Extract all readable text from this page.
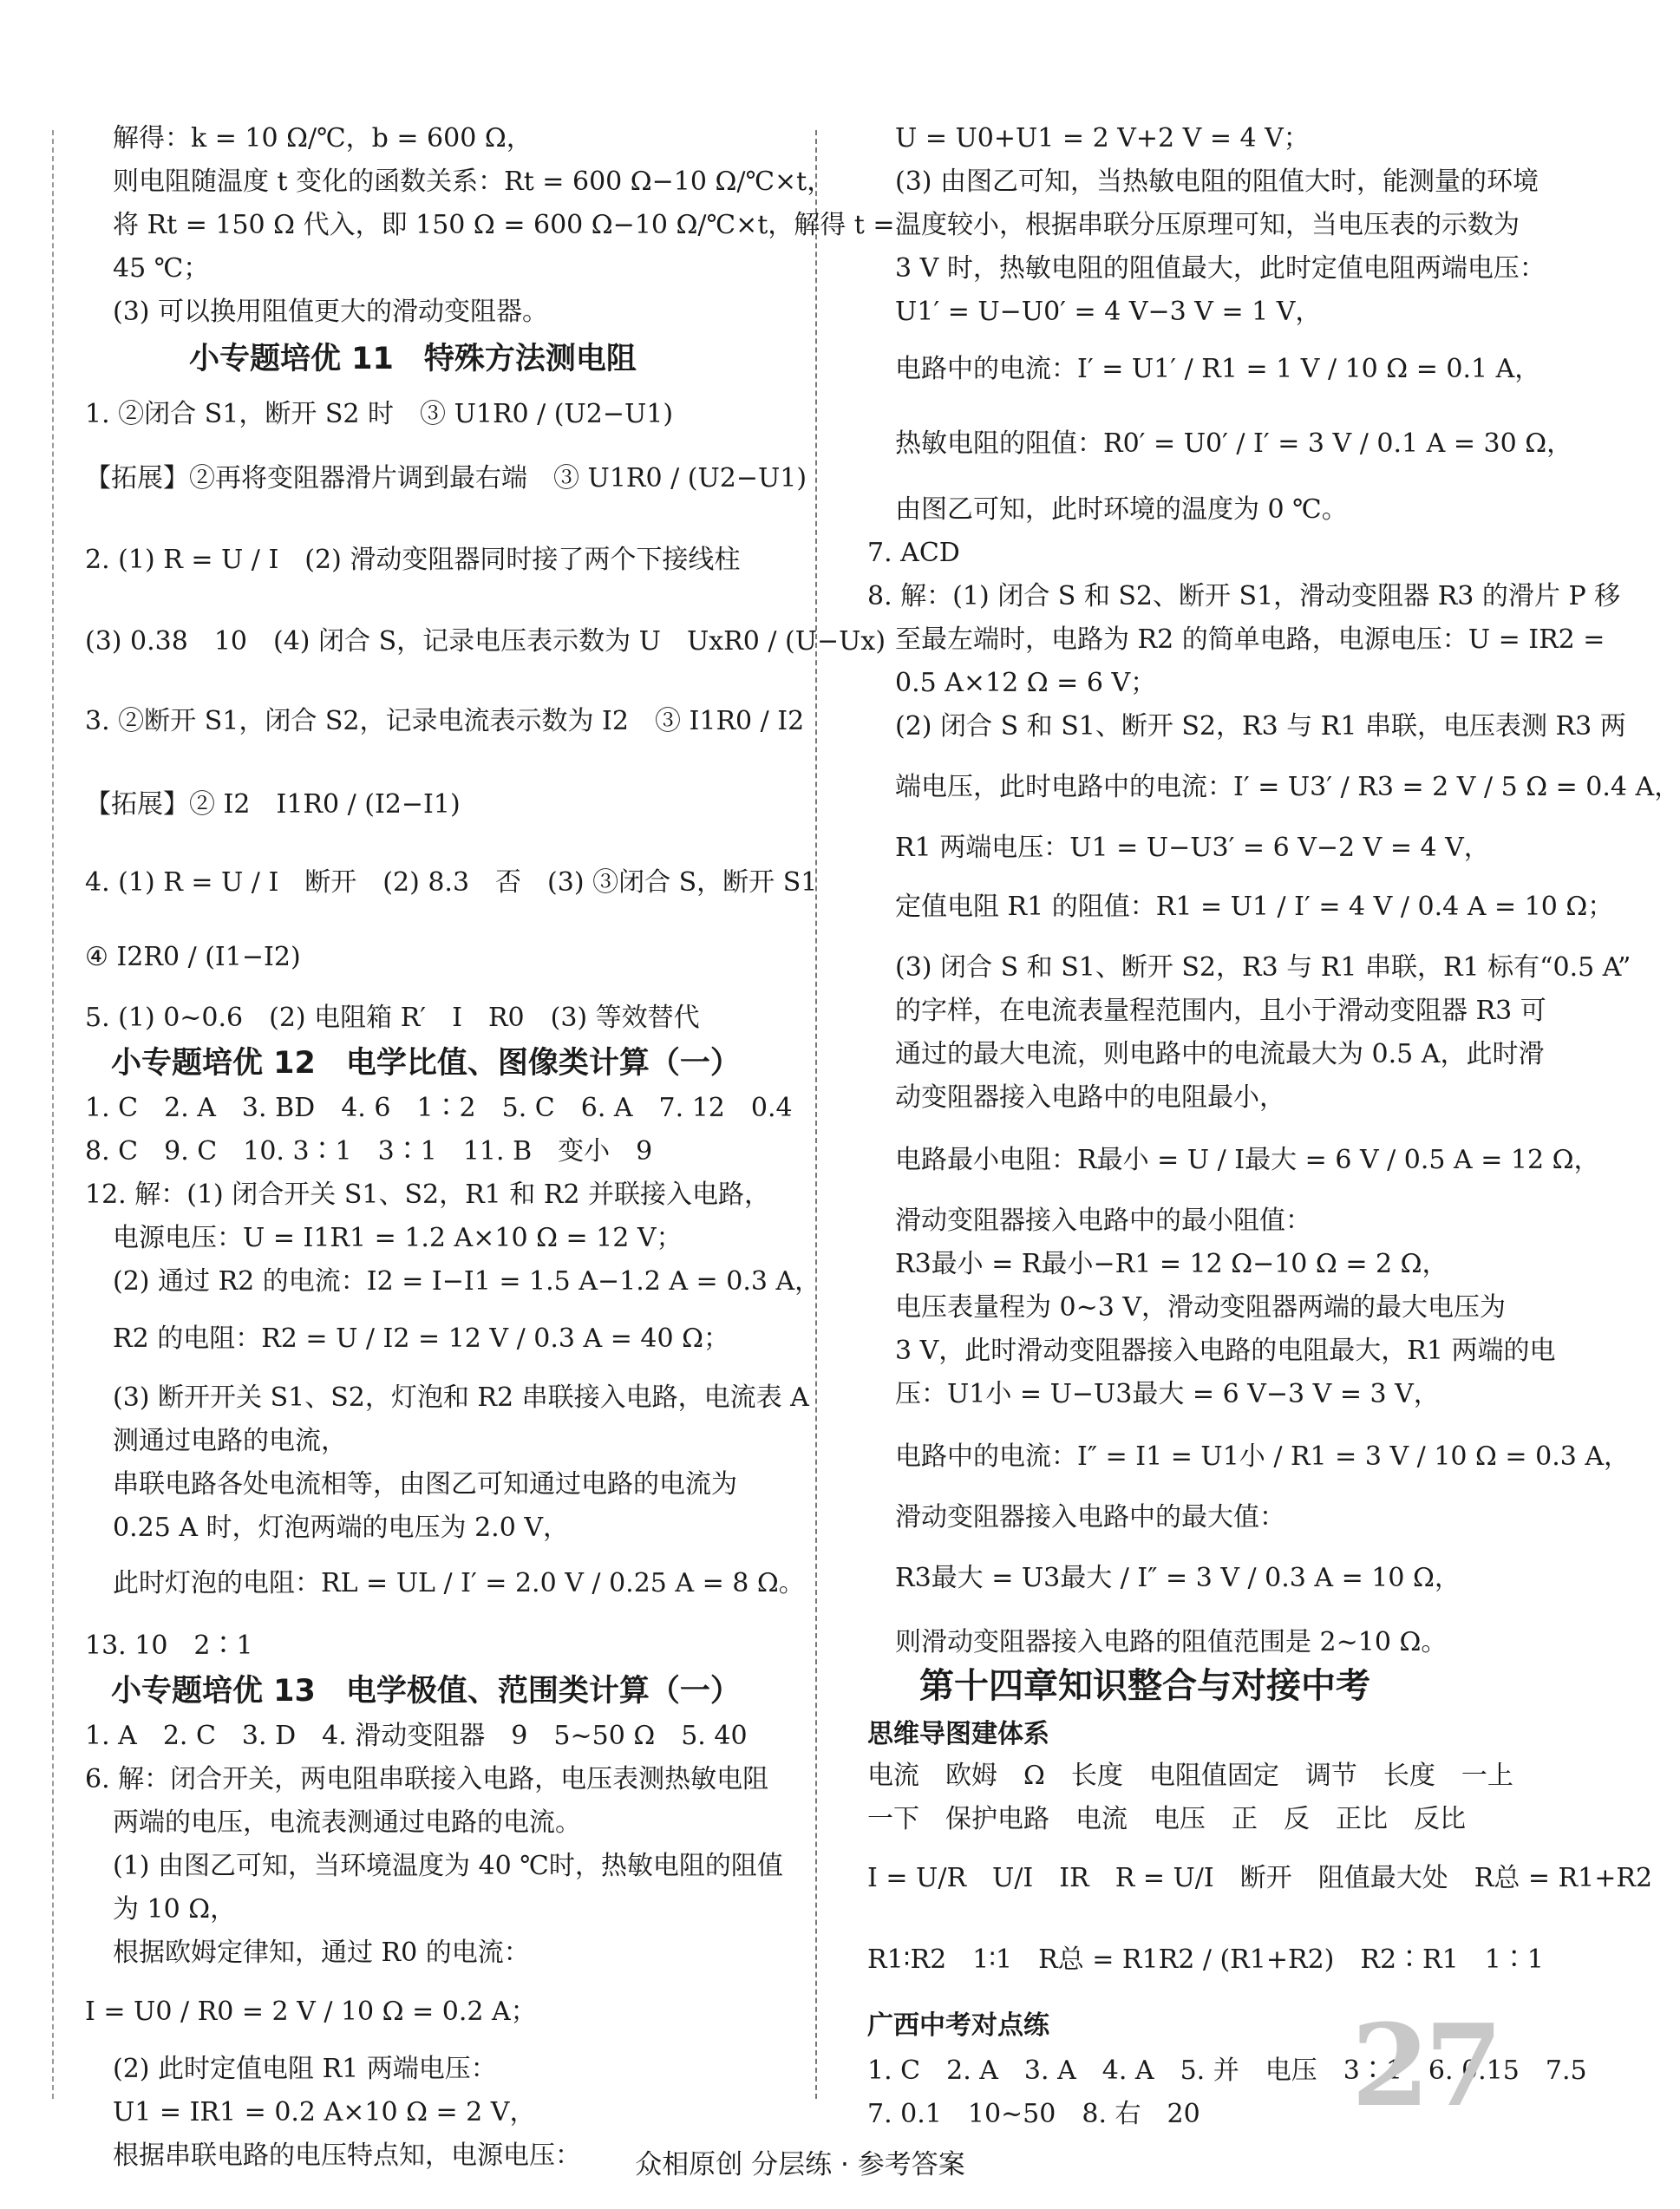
解得：k = 10 Ω/℃，b = 600 Ω，
则电阻随温度 t 变化的函数关系：Rt = 600 Ω−10 Ω/℃×t，
将 Rt = 150 Ω 代入，即 150 Ω = 600 Ω−10 Ω/℃×t，解得 t =
45 ℃；
(3) 可以换用阻值更大的滑动变阻器。
小专题培优 11　特殊方法测电阻
1. ②闭合 S1，断开 S2 时　③ U1R0 / (U2−U1)
【拓展】②再将变阻器滑片调到最右端　③ U1R0 / (U2−U1)
2. (1) R = U / I　(2) 滑动变阻器同时接了两个下接线柱
(3) 0.38　10　(4) 闭合 S，记录电压表示数为 U　UxR0 / (U−Ux)
3. ②断开 S1，闭合 S2，记录电流表示数为 I2　③ I1R0 / I2
【拓展】② I2　I1R0 / (I2−I1)
4. (1) R = U / I　断开　(2) 8.3　否　(3) ③闭合 S，断开 S1
④ I2R0 / (I1−I2)
5. (1) 0~0.6　(2) 电阻箱 R′　I　R0　(3) 等效替代
小专题培优 12　电学比值、图像类计算（一）
1. C　2. A　3. BD　4. 6　1∶2　5. C　6. A　7. 12　0.4
8. C　9. C　10. 3∶1　3∶1　11. B　变小　9
12. 解：(1) 闭合开关 S1、S2，R1 和 R2 并联接入电路，
电源电压：U = I1R1 = 1.2 A×10 Ω = 12 V；
(2) 通过 R2 的电流：I2 = I−I1 = 1.5 A−1.2 A = 0.3 A，
R2 的电阻：R2 = U / I2 = 12 V / 0.3 A = 40 Ω；
(3) 断开开关 S1、S2，灯泡和 R2 串联接入电路，电流表 A
测通过电路的电流，
串联电路各处电流相等，由图乙可知通过电路的电流为
0.25 A 时，灯泡两端的电压为 2.0 V，
此时灯泡的电阻：RL = UL / I′ = 2.0 V / 0.25 A = 8 Ω。
13. 10　2∶1
小专题培优 13　电学极值、范围类计算（一）
1. A　2. C　3. D　4. 滑动变阻器　9　5~50 Ω　5. 40
6. 解：闭合开关，两电阻串联接入电路，电压表测热敏电阻
两端的电压，电流表测通过电路的电流。
(1) 由图乙可知，当环境温度为 40 ℃时，热敏电阻的阻值
为 10 Ω，
根据欧姆定律知，通过 R0 的电流：
I = U0 / R0 = 2 V / 10 Ω = 0.2 A；
(2) 此时定值电阻 R1 两端电压：
U1 = IR1 = 0.2 A×10 Ω = 2 V，
根据串联电路的电压特点知，电源电压：
U = U0+U1 = 2 V+2 V = 4 V；
(3) 由图乙可知，当热敏电阻的阻值大时，能测量的环境
温度较小，根据串联分压原理可知，当电压表的示数为
3 V 时，热敏电阻的阻值最大，此时定值电阻两端电压：
U1′ = U−U0′ = 4 V−3 V = 1 V，
电路中的电流：I′ = U1′ / R1 = 1 V / 10 Ω = 0.1 A，
热敏电阻的阻值：R0′ = U0′ / I′ = 3 V / 0.1 A = 30 Ω，
由图乙可知，此时环境的温度为 0 ℃。
7. ACD
8. 解：(1) 闭合 S 和 S2、断开 S1，滑动变阻器 R3 的滑片 P 移
至最左端时，电路为 R2 的简单电路，电源电压：U = IR2 =
0.5 A×12 Ω = 6 V；
(2) 闭合 S 和 S1、断开 S2，R3 与 R1 串联，电压表测 R3 两
端电压，此时电路中的电流：I′ = U3′ / R3 = 2 V / 5 Ω = 0.4 A，
R1 两端电压：U1 = U−U3′ = 6 V−2 V = 4 V，
定值电阻 R1 的阻值：R1 = U1 / I′ = 4 V / 0.4 A = 10 Ω；
(3) 闭合 S 和 S1、断开 S2，R3 与 R1 串联，R1 标有“0.5 A”
的字样，在电流表量程范围内，且小于滑动变阻器 R3 可
通过的最大电流，则电路中的电流最大为 0.5 A，此时滑
动变阻器接入电路中的电阻最小，
电路最小电阻：R最小 = U / I最大 = 6 V / 0.5 A = 12 Ω，
滑动变阻器接入电路中的最小阻值：
R3最小 = R最小−R1 = 12 Ω−10 Ω = 2 Ω，
电压表量程为 0~3 V，滑动变阻器两端的最大电压为
3 V，此时滑动变阻器接入电路的电阻最大，R1 两端的电
压：U1小 = U−U3最大 = 6 V−3 V = 3 V，
电路中的电流：I″ = I1 = U1小 / R1 = 3 V / 10 Ω = 0.3 A，
滑动变阻器接入电路中的最大值：
R3最大 = U3最大 / I″ = 3 V / 0.3 A = 10 Ω，
则滑动变阻器接入电路的阻值范围是 2~10 Ω。
第十四章知识整合与对接中考
思维导图建体系
电流　欧姆　Ω　长度　电阻值固定　调节　长度　一上
一下　保护电路　电流　电压　正　反　正比　反比
I = U/R　U/I　IR　R = U/I　断开　阻值最大处　R总 = R1+R2
R1∶R2　1∶1　R总 = R1R2 / (R1+R2)　R2∶R1　1∶1
广西中考对点练
1. C　2. A　3. A　4. A　5. 并　电压　3∶1　6. 0.15　7.5
7. 0.1　10~50　8. 右　20 27
众相原创 分层练 · 参考答案
